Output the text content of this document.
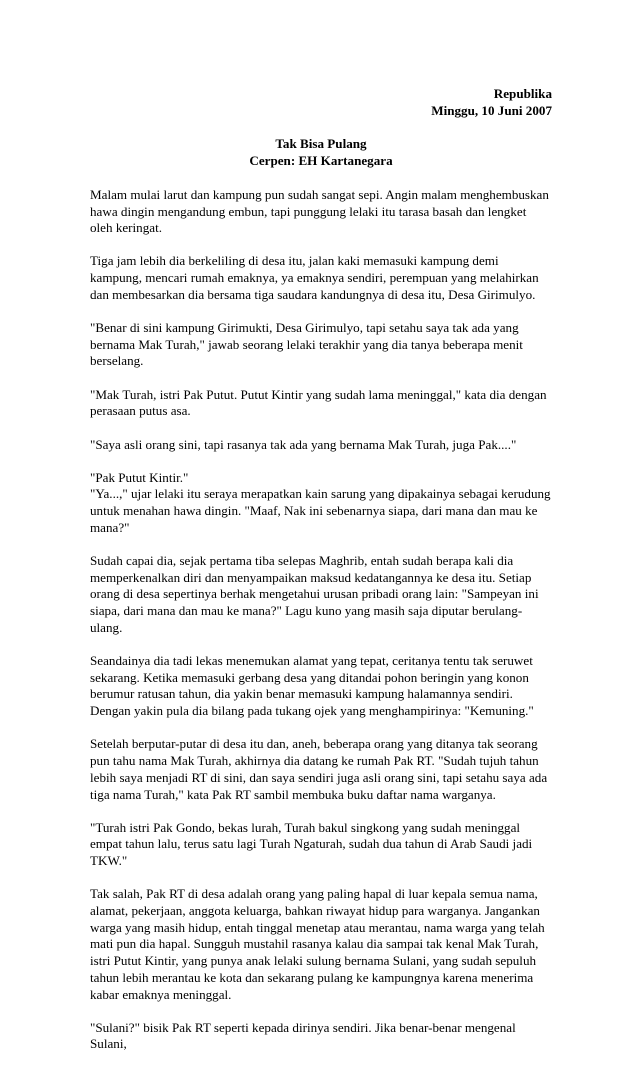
Republika
Minggu, 10 Juni 2007
Tak Bisa Pulang
Cerpen: EH Kartanegara

Malam mulai larut dan kampung pun sudah sangat sepi. Angin malam menghembuskan hawa dingin mengandung embun, tapi punggung lelaki itu tarasa basah dan lengket oleh keringat.

Tiga jam lebih dia berkeliling di desa itu, jalan kaki memasuki kampung demi kampung, mencari rumah emaknya, ya emaknya sendiri, perempuan yang melahirkan dan membesarkan dia bersama tiga saudara kandungnya di desa itu, Desa Girimulyo.

"Benar di sini kampung Girimukti, Desa Girimulyo, tapi setahu saya tak ada yang bernama Mak Turah," jawab seorang lelaki terakhir yang dia tanya beberapa menit berselang.

"Mak Turah, istri Pak Putut. Putut Kintir yang sudah lama meninggal," kata dia dengan perasaan putus asa.

"Saya asli orang sini, tapi rasanya tak ada yang bernama Mak Turah, juga Pak...."

"Pak Putut Kintir."

"Ya...," ujar lelaki itu seraya merapatkan kain sarung yang dipakainya sebagai kerudung untuk menahan hawa dingin. "Maaf, Nak ini sebenarnya siapa, dari mana dan mau ke mana?"

Sudah capai dia, sejak pertama tiba selepas Maghrib, entah sudah berapa kali dia memperkenalkan diri dan menyampaikan maksud kedatangannya ke desa itu. Setiap orang di desa sepertinya berhak mengetahui urusan pribadi orang lain: "Sampeyan ini siapa, dari mana dan mau ke mana?" Lagu kuno yang masih saja diputar berulang-ulang.

Seandainya dia tadi lekas menemukan alamat yang tepat, ceritanya tentu tak seruwet sekarang. Ketika memasuki gerbang desa yang ditandai pohon beringin yang konon berumur ratusan tahun, dia yakin benar memasuki kampung halamannya sendiri. Dengan yakin pula dia bilang pada tukang ojek yang menghampirinya: "Kemuning."

Setelah berputar-putar di desa itu dan, aneh, beberapa orang yang ditanya tak seorang pun tahu nama Mak Turah, akhirnya dia datang ke rumah Pak RT. "Sudah tujuh tahun lebih saya menjadi RT di sini, dan saya sendiri juga asli orang sini, tapi setahu saya ada tiga nama Turah," kata Pak RT sambil membuka buku daftar nama warganya.

"Turah istri Pak Gondo, bekas lurah, Turah bakul singkong yang sudah meninggal empat tahun lalu, terus satu lagi Turah Ngaturah, sudah dua tahun di Arab Saudi jadi TKW."

Tak salah, Pak RT di desa adalah orang yang paling hapal di luar kepala semua nama, alamat, pekerjaan, anggota keluarga, bahkan riwayat hidup para warganya. Jangankan warga yang masih hidup, entah tinggal menetap atau merantau, nama warga yang telah mati pun dia hapal. Sungguh mustahil rasanya kalau dia sampai tak kenal Mak Turah, istri Putut Kintir, yang punya anak lelaki sulung bernama Sulani, yang sudah sepuluh tahun lebih merantau ke kota dan sekarang pulang ke kampungnya karena menerima kabar emaknya meninggal.

"Sulani?" bisik Pak RT seperti kepada dirinya sendiri. Jika benar-benar mengenal Sulani,
